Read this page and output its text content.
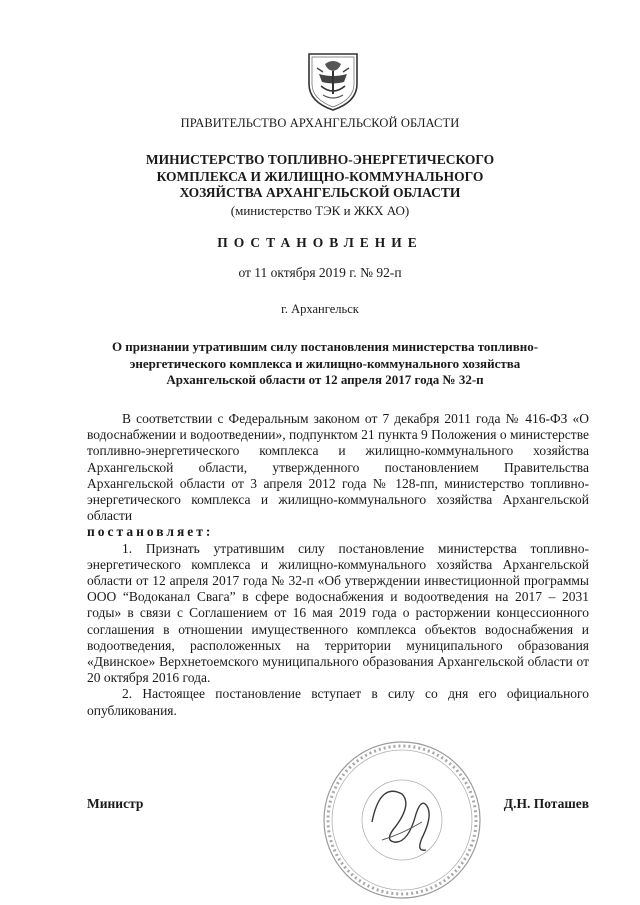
ПРАВИТЕЛЬСТВО АРХАНГЕЛЬСКОЙ ОБЛАСТИ
МИНИСТЕРСТВО ТОПЛИВНО-ЭНЕРГЕТИЧЕСКОГО
КОМПЛЕКСА И ЖИЛИЩНО-КОММУНАЛЬНОГО
ХОЗЯЙСТВА АРХАНГЕЛЬСКОЙ ОБЛАСТИ
(министерство ТЭК и ЖКХ АО)
ПОСТАНОВЛЕНИЕ
от 11 октября 2019 г. № 92-п
г. Архангельск
О признании утратившим силу постановления министерства топливно-
энергетического комплекса и жилищно-коммунального хозяйства
Архангельской области от 12 апреля 2017 года № 32-п

В соответствии с Федеральным законом от 7 декабря 2011 года № 416-ФЗ «О водоснабжении и водоотведении», подпунктом 21 пункта 9 Положения о министерстве топливно-энергетического комплекса и жилищно-коммунального хозяйства Архангельской области, утвержденного постановлением Правительства Архангельской области от 3 апреля 2012 года № 128-пп, министерство топливно-энергетического комплекса и жилищно-коммунального хозяйства Архангельской области

постановляет:

1. Признать утратившим силу постановление министерства топливно-энергетического комплекса и жилищно-коммунального хозяйства Архангельской области от 12 апреля 2017 года № 32-п «Об утверждении инвестиционной программы ООО “Водоканал Свага” в сфере водоснабжения и водоотведения на 2017 – 2031 годы» в связи с Соглашением от 16 мая 2019 года о расторжении концессионного соглашения в отношении имущественного комплекса объектов водоснабжения и водоотведения, расположенных на территории муниципального образования «Двинское» Верхнетоемского муниципального образования Архангельской области от 20 октября 2016 года.

2. Настоящее постановление вступает в силу со дня его официального опубликования.

Министр	Д.Н. Поташев
